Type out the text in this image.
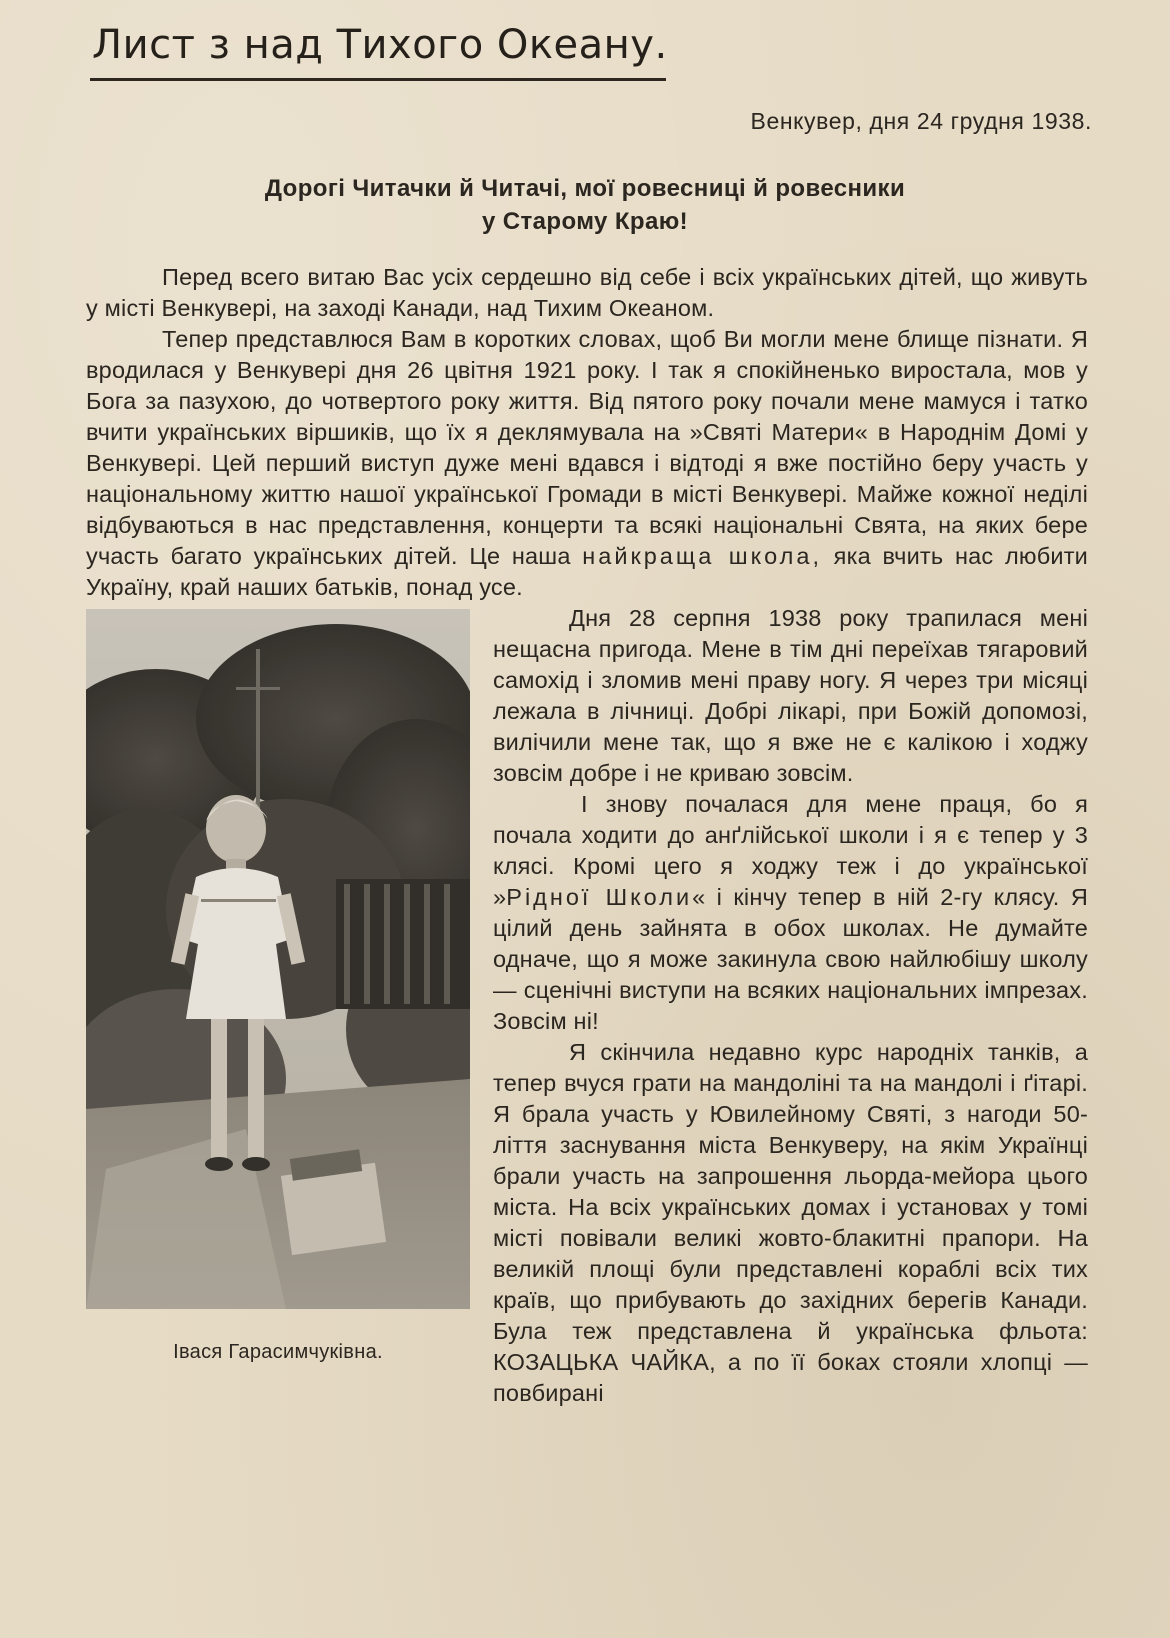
Лист з над Тихого Океану.
Венкувер, дня 24 грудня 1938.
Дорогі Читачки й Читачі, мої ровесниці й ровесники
у Старому Краю!

Перед всего витаю Вас усіх сердешно від себе і всіх українських дітей, що живуть у місті Венкувері, на заході Канади, над Тихим Океаном.

Тепер представлюся Вам в коротких словах, щоб Ви могли мене блище пізнати. Я вродилася у Венкувері дня 26 цвітня 1921 року. І так я спокійненько виростала, мов у Бога за пазухою, до чотвертого року життя. Від пятого року почали мене мамуся і татко вчити українських віршиків, що їх я деклямувала на »Святі Матери« в Народнім Домі у Венкувері. Цей перший виступ дуже мені вдався і відтоді я вже постійно беру участь у національному життю нашої української Громади в місті Венкувері. Майже кожної неділі відбуваються в нас представлення, концерти та всякі національні Свята, на яких бере участь багато українських дітей. Це наша найкраща школа, яка вчить нас любити Україну, край наших батьків, понад усе.

Івася Гарасимчуківна.

Дня 28 серпня 1938 року трапилася мені нещасна пригода. Мене в тім дні переїхав тягаровий самохід і зломив мені праву ногу. Я через три місяці лежала в лічниці. Добрі лікарі, при Божій допомозі, вилічили мене так, що я вже не є калікою і ходжу зовсім добре і не криваю зовсім.

І знову почалася для мене праця, бо я почала ходити до анґлійської школи і я є тепер у 3 клясі. Кромі цего я ходжу теж і до української »Рідної Школи« і кінчу тепер в ній 2-гу клясу. Я цілий день зайнята в обох школах. Не думайте одначе, що я може закинула свою найлюбішу школу — сценічні виступи на всяких національних імпрезах. Зовсім ні!

Я скінчила недавно курс народніх танків, а тепер вчуся грати на мандоліні та на мандолі і ґітарі. Я брала участь у Ювилейному Святі, з нагоди 50-ліття заснування міста Венкуверу, на якім Українці брали участь на запрошення льорда-мейора цього міста. На всіх українських домах і установах у томі місті повівали великі жовто-блакитні прапори. На великій площі були представлені кораблі всіх тих країв, що прибувають до західних берегів Канади. Була теж представлена й українська фльота: КОЗАЦЬКА ЧАЙКА, а по її боках стояли хлопці — повбирані
